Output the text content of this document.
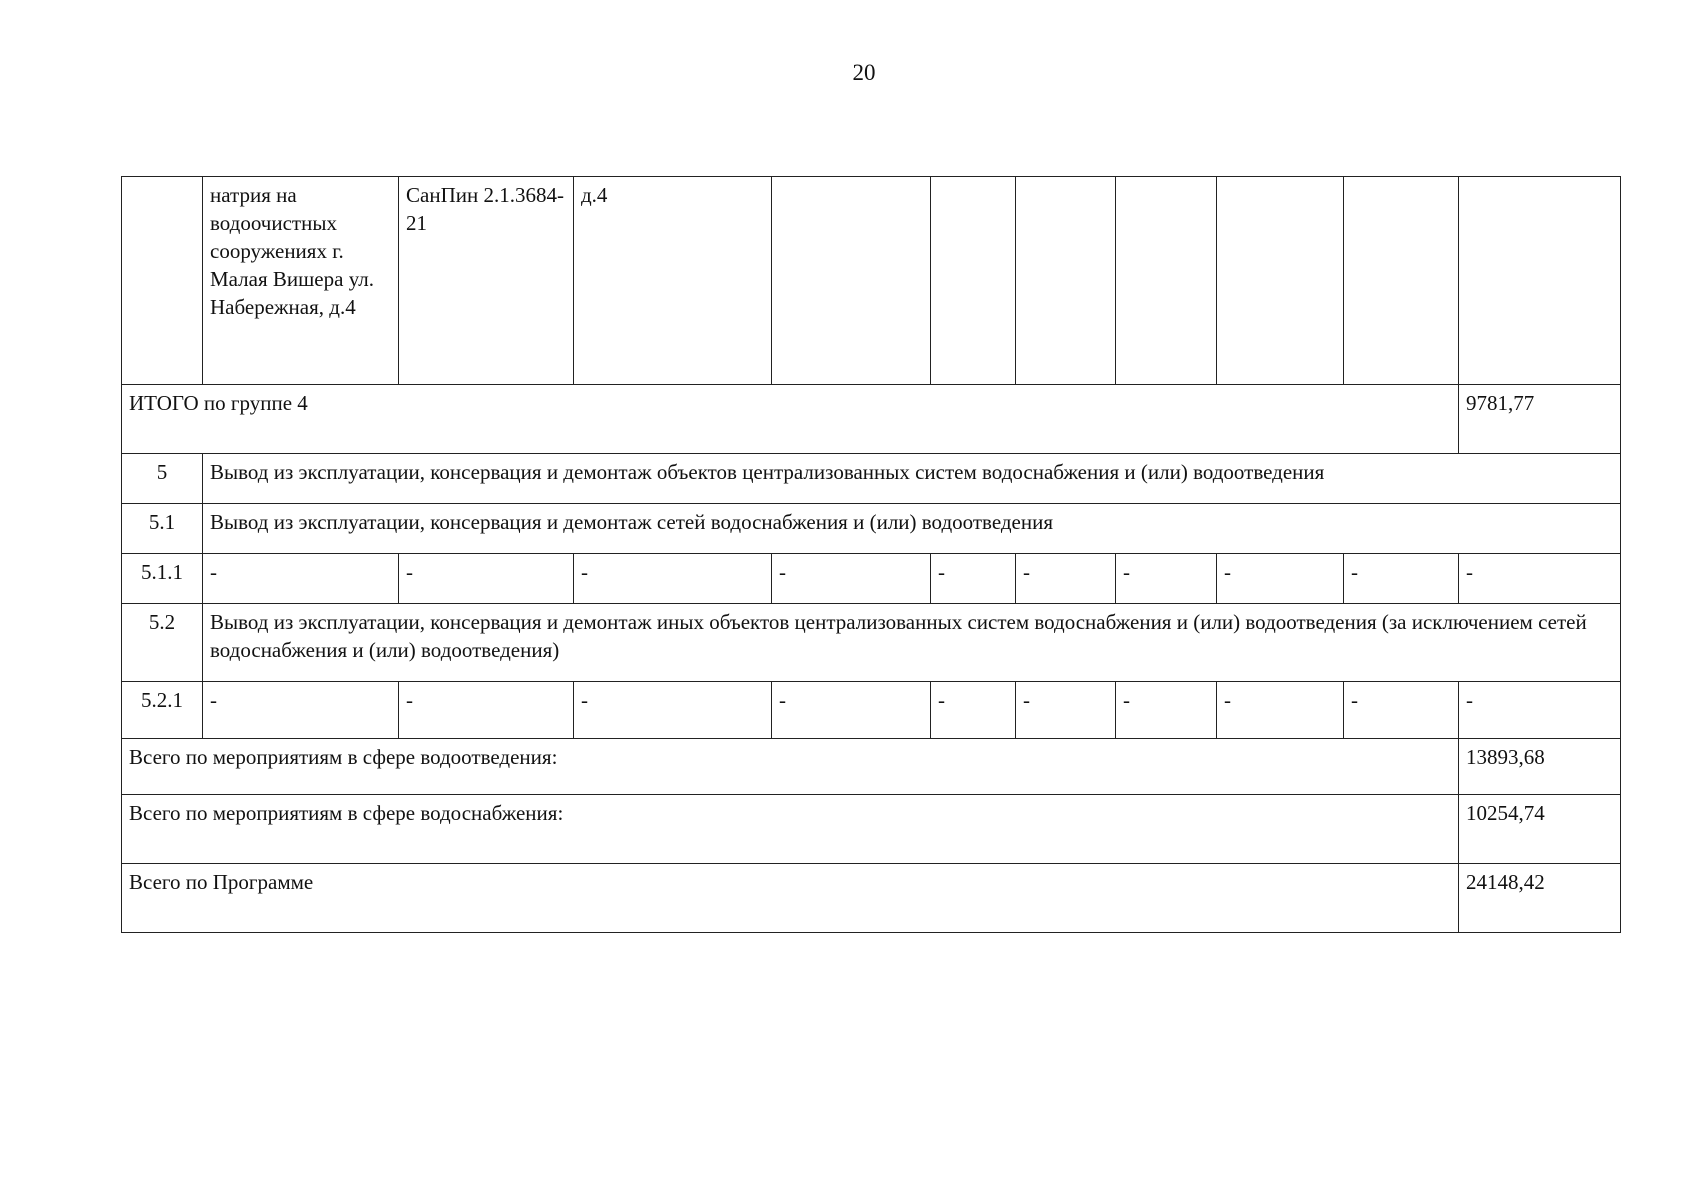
20
	натрия на водоочистных сооружениях г. Малая Вишера ул. Набережная, д.4	СанПин 2.1.3684-21	д.4							
ИТОГО по группе 4										9781,77
5	Вывод из эксплуатации, консервация и демонтаж объектов централизованных систем водоснабжения и (или) водоотведения									
5.1	Вывод из эксплуатации, консервация и демонтаж сетей водоснабжения и (или) водоотведения									
5.1.1	-	-	-	-	-	-	-	-	-	-
5.2	Вывод из эксплуатации, консервация и демонтаж иных объектов централизованных систем водоснабжения и (или) водоотведения (за исключением сетей водоснабжения и (или) водоотведения)									
5.2.1	-	-	-	-	-	-	-	-	-	-
Всего по мероприятиям в сфере водоотведения:										13893,68
Всего по мероприятиям в сфере водоснабжения:										10254,74
Всего по Программе										24148,42
